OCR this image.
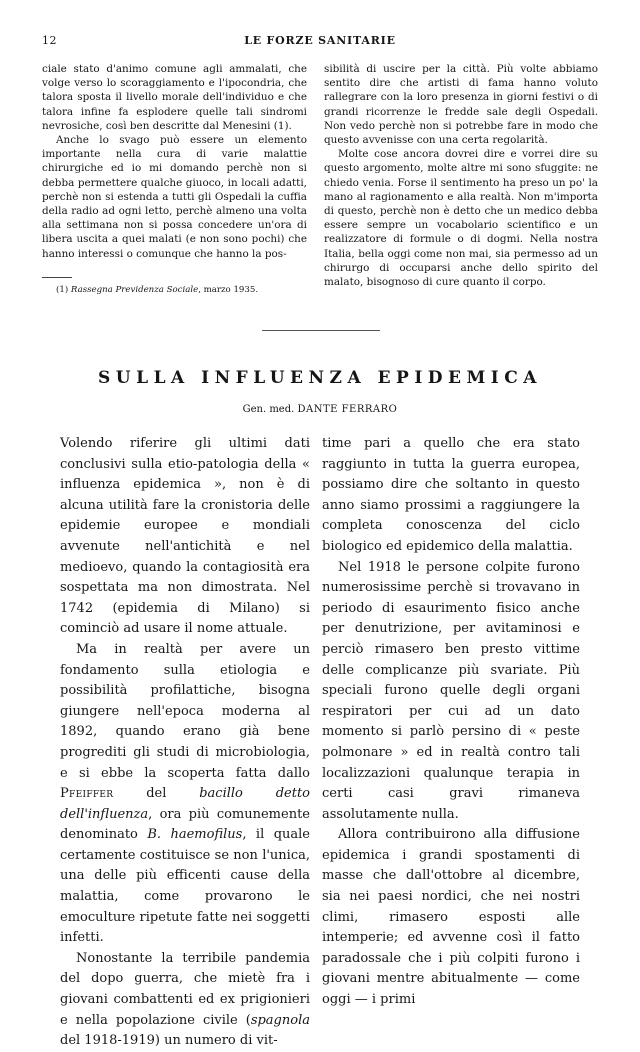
12	LE FORZE SANITARIE

ciale stato d'animo comune agli ammalati, che volge verso lo scoraggiamento e l'ipocondria, che talora sposta il livello morale dell'individuo e che talora infine fa esplodere quelle tali sindromi nevrosiche, così ben descritte dal Menesini (1).

Anche lo svago può essere un elemento importante nella cura di varie malattie chirurgiche ed io mi domando perchè non si debba permettere qualche giuoco, in locali adatti, perchè non si estenda a tutti gli Ospedali la cuffia della radio ad ogni letto, perchè almeno una volta alla settimana non si possa concedere un'ora di libera uscita a quei malati (e non sono pochi) che hanno interessi o comunque che hanno la pos-

(1) Rassegna Previdenza Sociale, marzo 1935.

sibilità di uscire per la città. Più volte abbiamo sentito dire che artisti di fama hanno voluto rallegrare con la loro presenza in giorni festivi o di grandi ricorrenze le fredde sale degli Ospedali. Non vedo perchè non si potrebbe fare in modo che questo avvenisse con una certa regolarità.

Molte cose ancora dovrei dire e vorrei dire su questo argomento, molte altre mi sono sfuggite: ne chiedo venia. Forse il sentimento ha preso un po' la mano al ragionamento e alla realtà. Non m'importa di questo, perchè non è detto che un medico debba essere sempre un vocabolario scientifico e un realizzatore di formule o di dogmi. Nella nostra Italia, bella oggi come non mai, sia permesso ad un chirurgo di occuparsi anche dello spirito del malato, bisognoso di cure quanto il corpo.

SULLA INFLUENZA EPIDEMICA
Gen. med. DANTE FERRARO

Volendo riferire gli ultimi dati conclusivi sulla etio-patologia della « influenza epidemica », non è di alcuna utilità fare la cronistoria delle epidemie europee e mondiali avvenute nell'antichità e nel medioevo, quando la contagiosità era sospettata ma non dimostrata. Nel 1742 (epidemia di Milano) si cominciò ad usare il nome attuale.

Ma in realtà per avere un fondamento sulla etiologia e possibilità profilattiche, bisogna giungere nell'epoca moderna al 1892, quando erano già bene progrediti gli studi di microbiologia, e si ebbe la scoperta fatta dallo Pfeiffer del bacillo detto dell'influenza, ora più comunemente denominato B. haemofilus, il quale certamente costituisce se non l'unica, una delle più efficenti cause della malattia, come provarono le emoculture ripetute fatte nei soggetti infetti.

Nonostante la terribile pandemia del dopo guerra, che mietè fra i giovani combattenti ed ex prigionieri e nella popolazione civile (spagnola del 1918-1919) un numero di vit-

time pari a quello che era stato raggiunto in tutta la guerra europea, possiamo dire che soltanto in questo anno siamo prossimi a raggiungere la completa conoscenza del ciclo biologico ed epidemico della malattia.

Nel 1918 le persone colpite furono numerosissime perchè si trovavano in periodo di esaurimento fisico anche per denutrizione, per avitaminosi e perciò rimasero ben presto vittime delle complicanze più svariate. Più speciali furono quelle degli organi respiratori per cui ad un dato momento si parlò persino di « peste polmonare » ed in realtà contro tali localizzazioni qualunque terapia in certi casi gravi rimaneva assolutamente nulla.

Allora contribuirono alla diffusione epidemica i grandi spostamenti di masse che dall'ottobre al dicembre, sia nei paesi nordici, che nei nostri climi, rimasero esposti alle intemperie; ed avvenne così il fatto paradossale che i più colpiti furono i giovani mentre abitualmente — come oggi — i primi
